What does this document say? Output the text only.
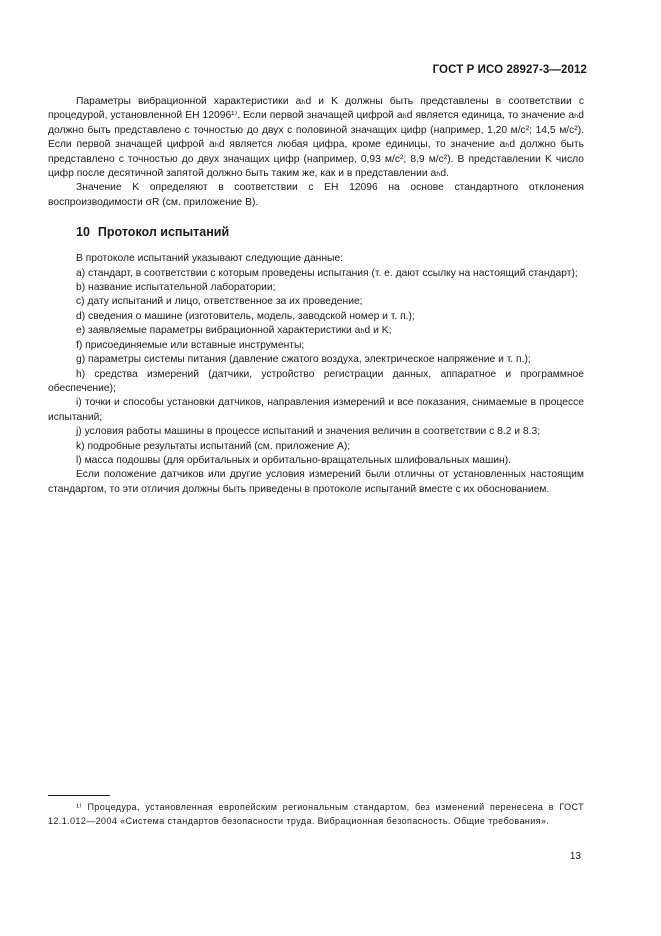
ГОСТ Р ИСО 28927-3—2012

Параметры вибрационной характеристики aₕd и K должны быть представлены в соответствии с процедурой, установленной ЕН 12096¹⁾. Если первой значащей цифрой aₕd является единица, то значение aₕd должно быть представлено с точностью до двух с половиной значащих цифр (например, 1,20 м/с²; 14,5 м/с²). Если первой значащей цифрой aₕd является любая цифра, кроме единицы, то значение aₕd должно быть представлено с точностью до двух значащих цифр (например, 0,93 м/с²; 8,9 м/с²). В представлении K число цифр после десятичной запятой должно быть таким же, как и в представлении aₕd.

Значение K определяют в соответствии с ЕН 12096 на основе стандартного отклонения воспроизводимости σR (см. приложение В).

10 Протокол испытаний

В протоколе испытаний указывают следующие данные:

a) стандарт, в соответствии с которым проведены испытания (т. е. дают ссылку на настоящий стандарт);

b) название испытательной лаборатории;

c) дату испытаний и лицо, ответственное за их проведение;

d) сведения о машине (изготовитель, модель, заводской номер и т. п.);

e) заявляемые параметры вибрационной характеристики aₕd и K;

f) присоединяемые или вставные инструменты;

g) параметры системы питания (давление сжатого воздуха, электрическое напряжение и т. п.);

h) средства измерений (датчики, устройство регистрации данных, аппаратное и программное обеспечение);

i) точки и способы установки датчиков, направления измерений и все показания, снимаемые в процессе испытаний;

j) условия работы машины в процессе испытаний и значения величин в соответствии с 8.2 и 8.3;

k) подробные результаты испытаний (см. приложение А);

l) масса подошвы (для орбитальных и орбитально-вращательных шлифовальных машин).

Если положение датчиков или другие условия измерений были отличны от установленных настоящим стандартом, то эти отличия должны быть приведены в протоколе испытаний вместе с их обоснованием.

¹⁾ Процедура, установленная европейским региональным стандартом, без изменений перенесена в ГОСТ 12.1.012—2004 «Система стандартов безопасности труда. Вибрационная безопасность. Общие требования».
13
